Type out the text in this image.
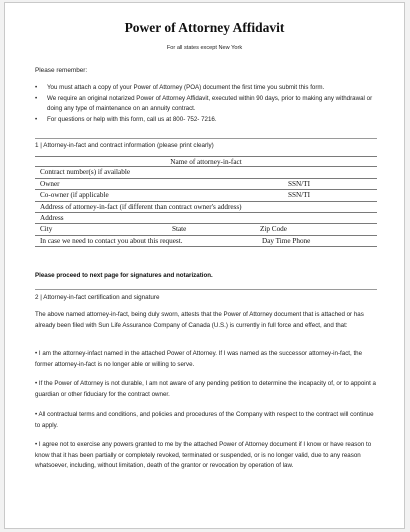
Power of Attorney Affidavit
For all states except New York
Please remember:
• You must attach a copy of your Power of Attorney (POA) document the first time you submit this form.
• We require an original notarized Power of Attorney Affidavit, executed within 90 days, prior to making any withdrawal or doing any type of maintenance on an annuity contract.
• For questions or help with this form, call us at 800- 752- 7216.
1 | Attorney-in-fact and contract information (please print clearly)
Name of attorney-in-fact
Contract number(s) if available
Owner	SSN/TI
Co-owner (if applicable	SSN/TI
Address of attorney-in-fact (if different than contract owner's address)
Address
City	State	Zip Code
In case we need to contact you about this request.	Day Time Phone
Please proceed to next page for signatures and notarization.
2 | Attorney-in-fact certification and signature

The above named attorney-in-fact, being duly sworn, attests that the Power of Attorney document that is attached or has already been filed with Sun Life Assurance Company of Canada (U.S.) is currently in full force and effect, and that:

• I am the attorney-infact named in the attached Power of Attorney. If I was named as the successor attorney-in-fact, the former attorney-in-fact is no longer able or willing to serve.

• If the Power of Attorney is not durable, I am not aware of any pending petition to determine the incapacity of, or to appoint a guardian or other fiduciary for the contract owner.

• All contractual terms and conditions, and policies and procedures of the Company with respect to the contract will continue to apply.

• I agree not to exercise any powers granted to me by the attached Power of Attorney document if I know or have reason to know that it has been partially or completely revoked, terminated or suspended, or is no longer valid, due to any reason whatsoever, including, without limitation, death of the grantor or revocation by operation of law.
